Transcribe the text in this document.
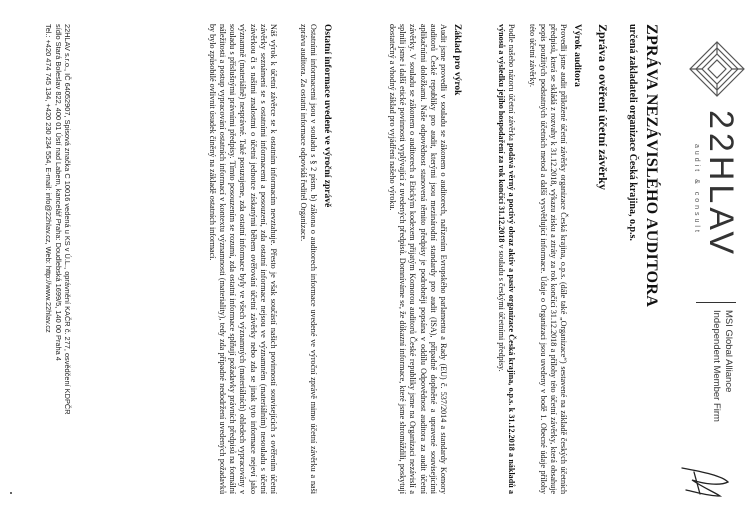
22HLAV
audit & consult
MSI Global Alliance
Independent Member Firm
ZPRÁVA NEZÁVISLÉHO AUDITORA
určená zakladateli organizace Česká krajina, o.p.s.
Zpráva o ověření účetní závěrky
Výrok auditora
Provedli jsme audit přiložené účetní závěrky organizace Česká krajina, o.p.s. (dále také „Organizace“) sestavené na základě českých účetních předpisů, která se skládá z rozvahy k 31.12.2018, výkazu zisku a ztráty za rok končící 31.12.2018 a přílohy této účetní závěrky, která obsahuje popis použitých podstatných účetních metod a další vysvětlující informace. Údaje o Organizaci jsou uvedeny v bodě 1. Obecné údaje přílohy této účetní závěrky.
Podle našeho názoru účetní závěrka podává věrný a poctivý obraz aktiv a pasiv organizace Česká krajina, o.p.s. k 31.12.2018 a nákladů a výnosů a výsledku jejího hospodaření za rok končící 31.12.2018 v souladu s českými účetními předpisy.
Základ pro výrok
Audit jsme provedli v souladu se zákonem o auditorech, nařízením Evropského parlamentu a Rady (EU) č. 537/2014 a standardy Komory auditorů České republiky pro audit, kterými jsou mezinárodní standardy pro audit (ISA), případně doplněné a upravené souvisejícími aplikačními doložkami. Naše odpovědnost stanovená těmito předpisy je podrobněji popsána v oddílu Odpovědnost auditora za audit účetní závěrky. V souladu se zákonem o auditorech a Etickým kodexem přijatým Komorou auditorů České republiky jsme na Organizaci nezávislí a splnili jsme i další etické povinnosti vyplývající z uvedených předpisů. Domníváme se, že důkazní informace, které jsme shromáždili, poskytují dostatečný a vhodný základ pro vyjádření našeho výroku.
Ostatní informace uvedené ve výroční zprávě
Ostatními informacemi jsou v souladu s § 2 písm. b) zákona o auditorech informace uvedené ve výroční zprávě mimo účetní závěrku a naši zprávu auditora. Za ostatní informace odpovídá ředitel Organizace.
Náš výrok k účetní závěrce se k ostatním informacím nevztahuje. Přesto je však součástí našich povinností souvisejících s ověřením účetní závěrky seznámení se s ostatními informacemi a posouzení, zda ostatní informace nejsou ve významném (materiálním) nesouladu s účetní závěrkou či s našimi znalostmi o účetní jednotce získanými během ověřování účetní závěrky nebo zda se jinak tyto informace nejeví jako významně (materiálně) nesprávné. Také posuzujeme, zda ostatní informace byly ve všech významných (materiálních) ohledech vypracovány v souladu s příslušnými právními předpisy. Tímto posouzením se rozumí, zda ostatní informace splňují požadavky právních předpisů na formální náležitosti a postup vypracování ostatních informací v kontextu významnosti (materiality), tedy zda případné nedodržení uvedených požadavků by bylo způsobilé ovlivnit úsudek činěný na základě ostatních informací.
22HLAV s.r.o., IČ 64052907, Spisová značka C 10016 vedená u KS v Ú.L., oprávnění KAČR č. 277, osvědčení KDPČR
sídlo Stará Boleslav 822, 400 01 Ústí nad Labem, kancelář Praha: Doudlebská 1699/5, 140 00 Praha 4
Tel.: +420 474 745 134, +420 230 234 554, E-mail: info@22hlav.cz, Web: http://www.22hlav.cz
